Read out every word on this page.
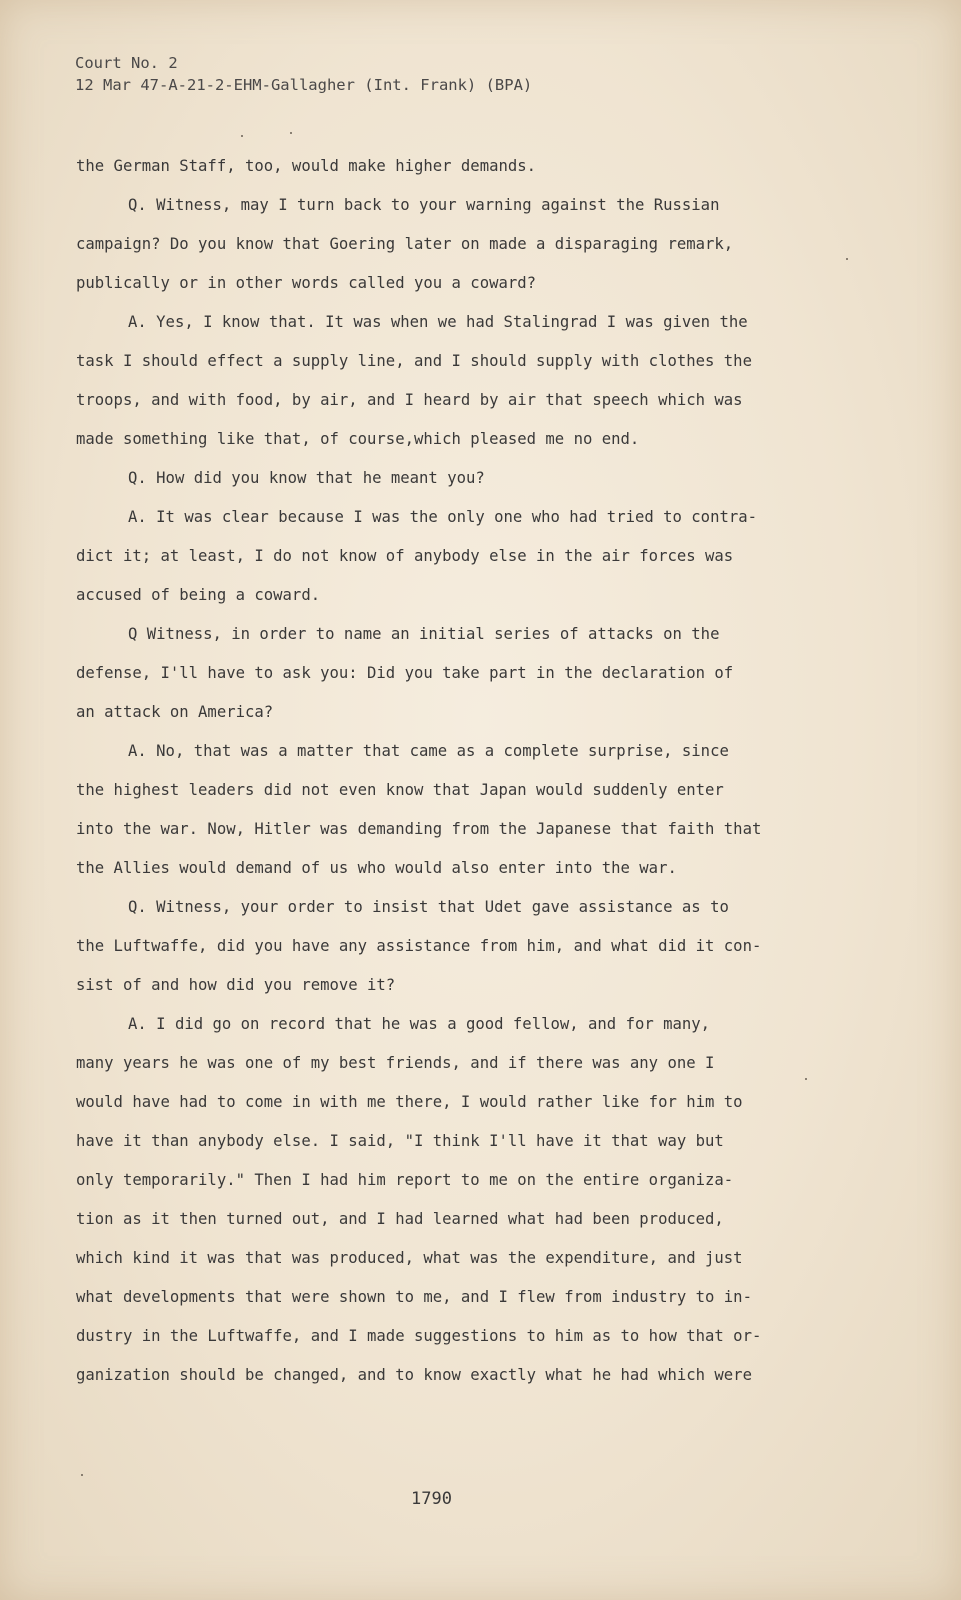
Court No. 2
12 Mar 47-A-21-2-EHM-Gallagher (Int. Frank) (BPA)
the German Staff, too, would make higher demands.
Q. Witness, may I turn back to your warning against the Russian
campaign? Do you know that Goering later on made a disparaging remark,
publically or in other words called you a coward?
A. Yes, I know that. It was when we had Stalingrad I was given the
task I should effect a supply line, and I should supply with clothes the
troops, and with food, by air, and I heard by air that speech which was
made something like that, of course,which pleased me no end.
Q. How did you know that he meant you?
A. It was clear because I was the only one who had tried to contra-
dict it; at least, I do not know of anybody else in the air forces was
accused of being a coward.
Q Witness, in order to name an initial series of attacks on the
defense, I'll have to ask you: Did you take part in the declaration of
an attack on America?
A. No, that was a matter that came as a complete surprise, since
the highest leaders did not even know that Japan would suddenly enter
into the war. Now, Hitler was demanding from the Japanese that faith that
the Allies would demand of us who would also enter into the war.
Q. Witness, your order to insist that Udet gave assistance as to
the Luftwaffe, did you have any assistance from him, and what did it con-
sist of and how did you remove it?
A. I did go on record that he was a good fellow, and for many,
many years he was one of my best friends, and if there was any one I
would have had to come in with me there, I would rather like for him to
have it than anybody else. I said, "I think I'll have it that way but
only temporarily." Then I had him report to me on the entire organiza-
tion as it then turned out, and I had learned what had been produced,
which kind it was that was produced, what was the expenditure, and just
what developments that were shown to me, and I flew from industry to in-
dustry in the Luftwaffe, and I made suggestions to him as to how that or-
ganization should be changed, and to know exactly what he had which were
1790
